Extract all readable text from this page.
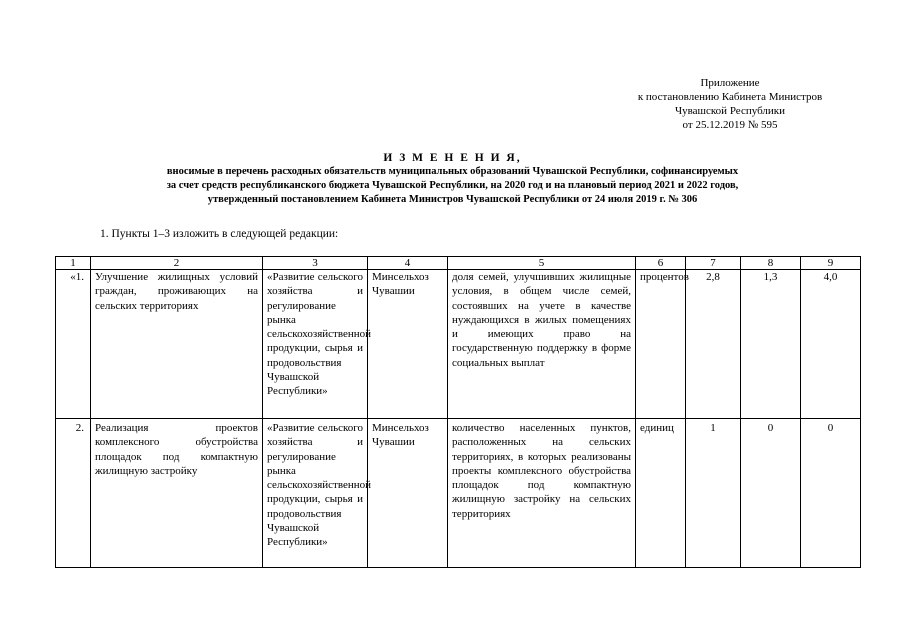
Приложение
к постановлению Кабинета Министров
Чувашской Республики
от 25.12.2019 № 595
И З М Е Н Е Н И Я,
вносимые в перечень расходных обязательств муниципальных образований Чувашской Республики, софинансируемых
за счет средств республиканского бюджета Чувашской Республики, на 2020 год и на плановый период 2021 и 2022 годов,
утвержденный постановлением Кабинета Министров Чувашской Республики от 24 июля 2019 г. № 306
1. Пункты 1–3 изложить в следующей редакции:
1	2	3	4	5	6	7	8	9
«1.	Улучшение жилищных условий граждан, проживающих на сельских территориях	«Развитие сельского хозяйства и регулирование рынка сельскохозяйственной продукции, сырья и продовольствия Чувашской Республики»	Минсельхоз Чувашии	доля семей, улучшивших жилищные условия, в общем числе семей, состоявших на учете в качестве нуждающихся в жилых помещениях и имеющих право на государственную поддержку в форме социальных выплат	процентов	2,8	1,3	4,0
2.	Реализация проектов комплексного обустройства площадок под компактную жилищную застройку	«Развитие сельского хозяйства и регулирование рынка сельскохозяйственной продукции, сырья и продовольствия Чувашской Республики»	Минсельхоз Чувашии	количество населенных пунктов, расположенных на сельских территориях, в которых реализованы проекты комплексного обустройства площадок под компактную жилищную застройку на сельских территориях	единиц	1	0	0
